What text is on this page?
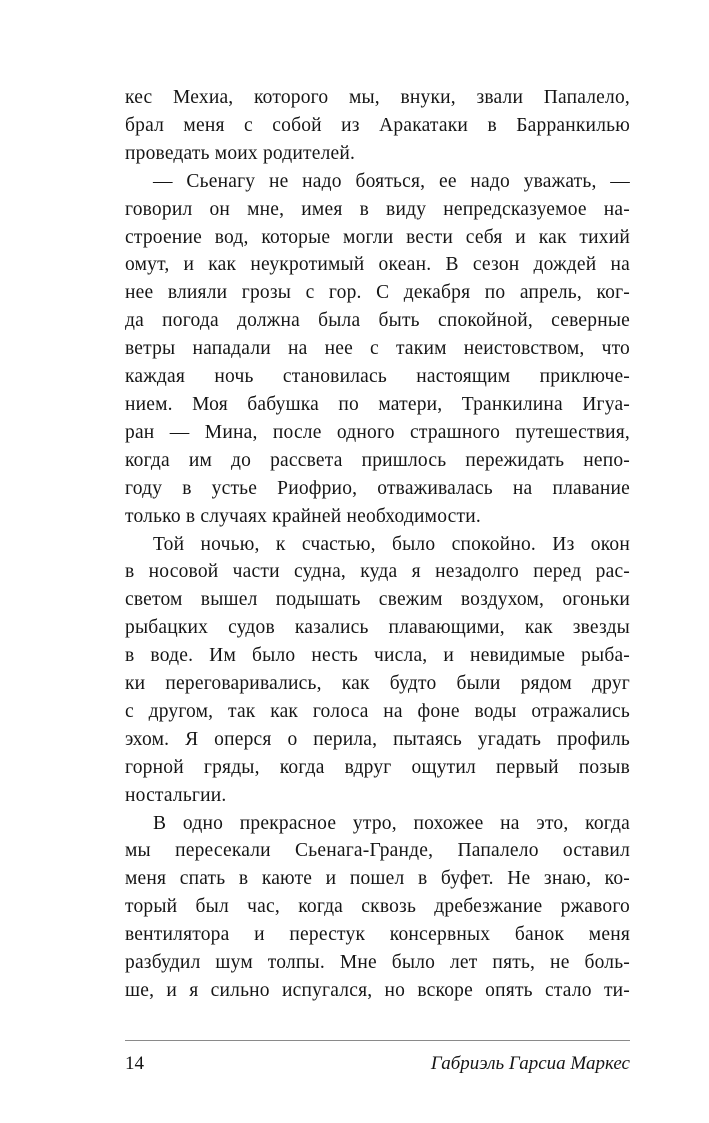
кес Мехиа, которого мы, внуки, звали Папалело,
брал меня с собой из Аракатаки в Барранкилью
проведать моих родителей.
— Сьенагу не надо бояться, ее надо уважать, —
говорил он мне, имея в виду непредсказуемое на-
строение вод, которые могли вести себя и как тихий
омут, и как неукротимый океан. В сезон дождей на
нее влияли грозы с гор. С декабря по апрель, ког-
да погода должна была быть спокойной, северные
ветры нападали на нее с таким неистовством, что
каждая ночь становилась настоящим приключе-
нием. Моя бабушка по матери, Транкилина Игуа-
ран — Мина, после одного страшного путешествия,
когда им до рассвета пришлось пережидать непо-
году в устье Риофрио, отваживалась на плавание
только в случаях крайней необходимости.
Той ночью, к счастью, было спокойно. Из окон
в носовой части судна, куда я незадолго перед рас-
светом вышел подышать свежим воздухом, огоньки
рыбацких судов казались плавающими, как звезды
в воде. Им было несть числа, и невидимые рыба-
ки переговаривались, как будто были рядом друг
с другом, так как голоса на фоне воды отражались
эхом. Я оперся о перила, пытаясь угадать профиль
горной гряды, когда вдруг ощутил первый позыв
ностальгии.
В одно прекрасное утро, похожее на это, когда
мы пересекали Сьенага-Гранде, Папалело оставил
меня спать в каюте и пошел в буфет. Не знаю, ко-
торый был час, когда сквозь дребезжание ржавого
вентилятора и перестук консервных банок меня
разбудил шум толпы. Мне было лет пять, не боль-
ше, и я сильно испугался, но вскоре опять стало ти-
14	Габриэль Гарсиа Маркес
